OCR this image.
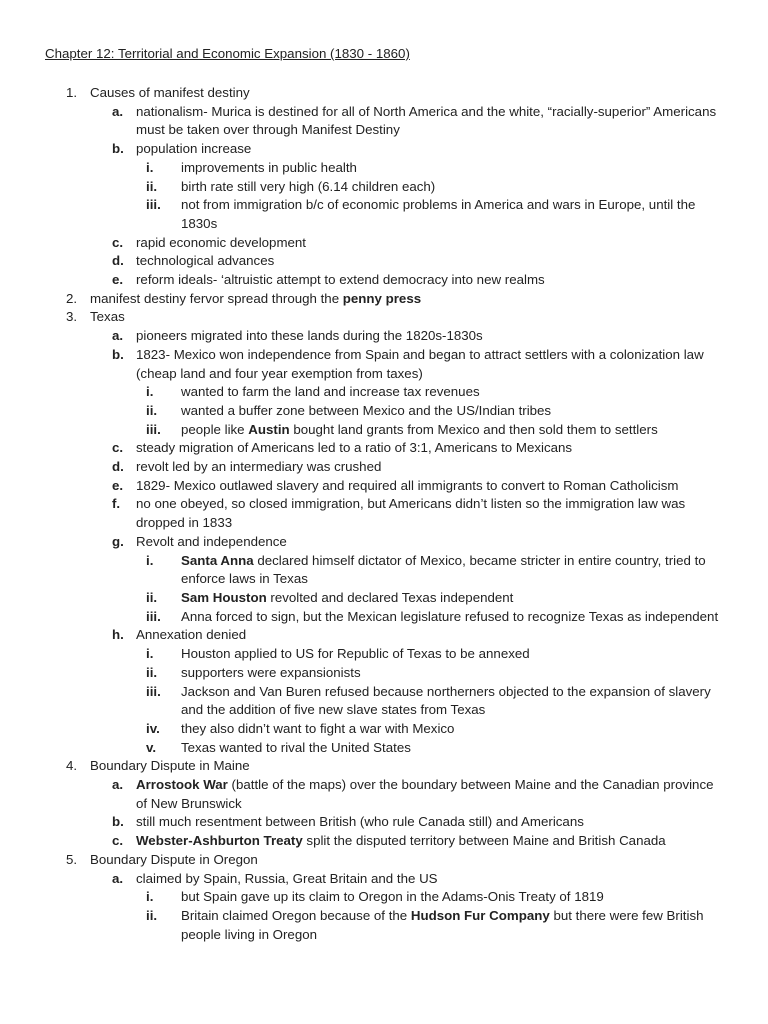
Chapter 12: Territorial and Economic Expansion (1830 - 1860)
1. Causes of manifest destiny
a. nationalism- Murica is destined for all of North America and the white, “racially-superior” Americans must be taken over through Manifest Destiny
b. population increase
i. improvements in public health
ii. birth rate still very high (6.14 children each)
iii. not from immigration b/c of economic problems in America and wars in Europe, until the 1830s
c. rapid economic development
d. technological advances
e. reform ideals- ‘altruistic attempt to extend democracy into new realms
2. manifest destiny fervor spread through the penny press
3. Texas
a. pioneers migrated into these lands during the 1820s-1830s
b. 1823- Mexico won independence from Spain and began to attract settlers with a colonization law (cheap land and four year exemption from taxes)
i. wanted to farm the land and increase tax revenues
ii. wanted a buffer zone between Mexico and the US/Indian tribes
iii. people like Austin bought land grants from Mexico and then sold them to settlers
c. steady migration of Americans led to a ratio of 3:1, Americans to Mexicans
d. revolt led by an intermediary was crushed
e. 1829- Mexico outlawed slavery and required all immigrants to convert to Roman Catholicism
f. no one obeyed, so closed immigration, but Americans didn’t listen so the immigration law was dropped in 1833
g. Revolt and independence
i. Santa Anna declared himself dictator of Mexico, became stricter in entire country, tried to enforce laws in Texas
ii. Sam Houston revolted and declared Texas independent
iii. Anna forced to sign, but the Mexican legislature refused to recognize Texas as independent
h. Annexation denied
i. Houston applied to US for Republic of Texas to be annexed
ii. supporters were expansionists
iii. Jackson and Van Buren refused because northerners objected to the expansion of slavery and the addition of five new slave states from Texas
iv. they also didn’t want to fight a war with Mexico
v. Texas wanted to rival the United States
4. Boundary Dispute in Maine
a. Arrostook War (battle of the maps) over the boundary between Maine and the Canadian province of New Brunswick
b. still much resentment between British (who rule Canada still) and Americans
c. Webster-Ashburton Treaty split the disputed territory between Maine and British Canada
5. Boundary Dispute in Oregon
a. claimed by Spain, Russia, Great Britain and the US
i. but Spain gave up its claim to Oregon in the Adams-Onis Treaty of 1819
ii. Britain claimed Oregon because of the Hudson Fur Company but there were few British people living in Oregon
